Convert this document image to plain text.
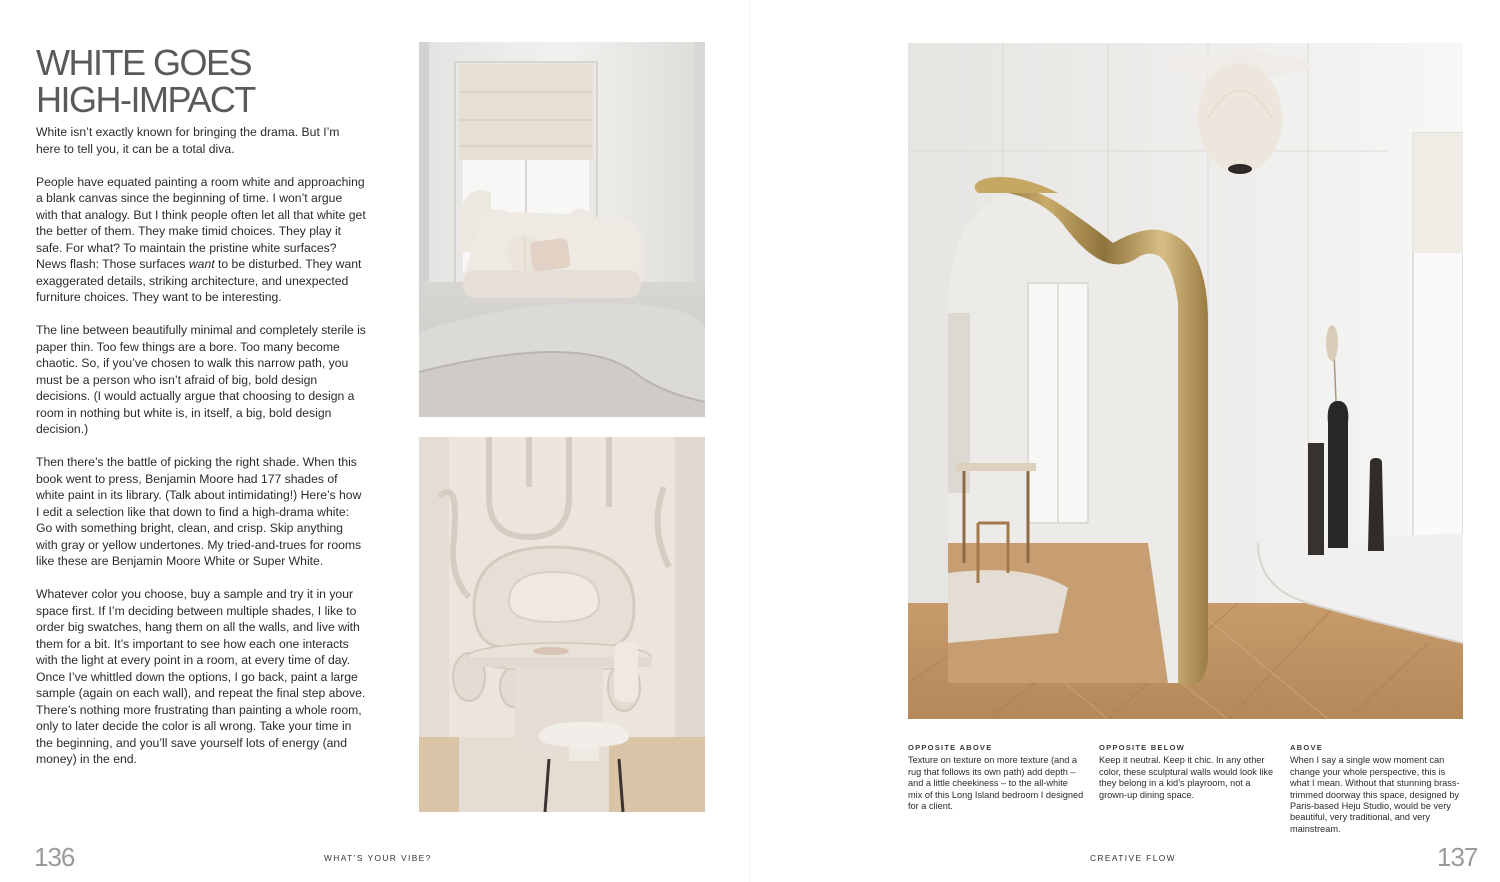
WHITE GOES
HIGH-IMPACT

White isn’t exactly known for bringing the drama. But I’m here to tell you, it can be a total diva.

People have equated painting a room white and approaching a blank canvas since the beginning of time. I won’t argue with that analogy. But I think people often let all that white get the better of them. They make timid choices. They play it safe. For what? To maintain the pristine white surfaces? News flash: Those surfaces want to be disturbed. They want exaggerated details, striking architecture, and unexpected furniture choices. They want to be interesting.

The line between beautifully minimal and completely sterile is paper thin. Too few things are a bore. Too many become chaotic. So, if you’ve chosen to walk this narrow path, you must be a person who isn’t afraid of big, bold design decisions. (I would actually argue that choosing to design a room in nothing but white is, in itself, a big, bold design decision.)

Then there’s the battle of picking the right shade. When this book went to press, Benjamin Moore had 177 shades of white paint in its library. (Talk about intimidating!) Here’s how I edit a selection like that down to find a high-drama white: Go with something bright, clean, and crisp. Skip anything with gray or yellow undertones. My tried-and-trues for rooms like these are Benjamin Moore White or Super White.

Whatever color you choose, buy a sample and try it in your space first. If I’m deciding between multiple shades, I like to order big swatches, hang them on all the walls, and live with them for a bit. It’s important to see how each one interacts with the light at every point in a room, at every time of day. Once I’ve whittled down the options, I go back, paint a large sample (again on each wall), and repeat the final step above. There’s nothing more frustrating than painting a whole room, only to later decide the color is all wrong. Take your time in the beginning, and you’ll save yourself lots of energy (and money) in the end.

OPPOSITE ABOVE
Texture on texture on more texture (and a rug that follows its own path) add depth – and a little cheekiness – to the all-white mix of this Long Island bedroom I designed for a client.
OPPOSITE BELOW
Keep it neutral. Keep it chic. In any other color, these sculptural walls would look like they belong in a kid’s playroom, not a grown-up dining space.
ABOVE
When I say a single wow moment can change your whole perspective, this is what I mean. Without that stunning brass-trimmed doorway this space, designed by Paris-based Heju Studio, would be very beautiful, very traditional, and very mainstream.
136	WHAT’S YOUR VIBE?	CREATIVE FLOW	137
